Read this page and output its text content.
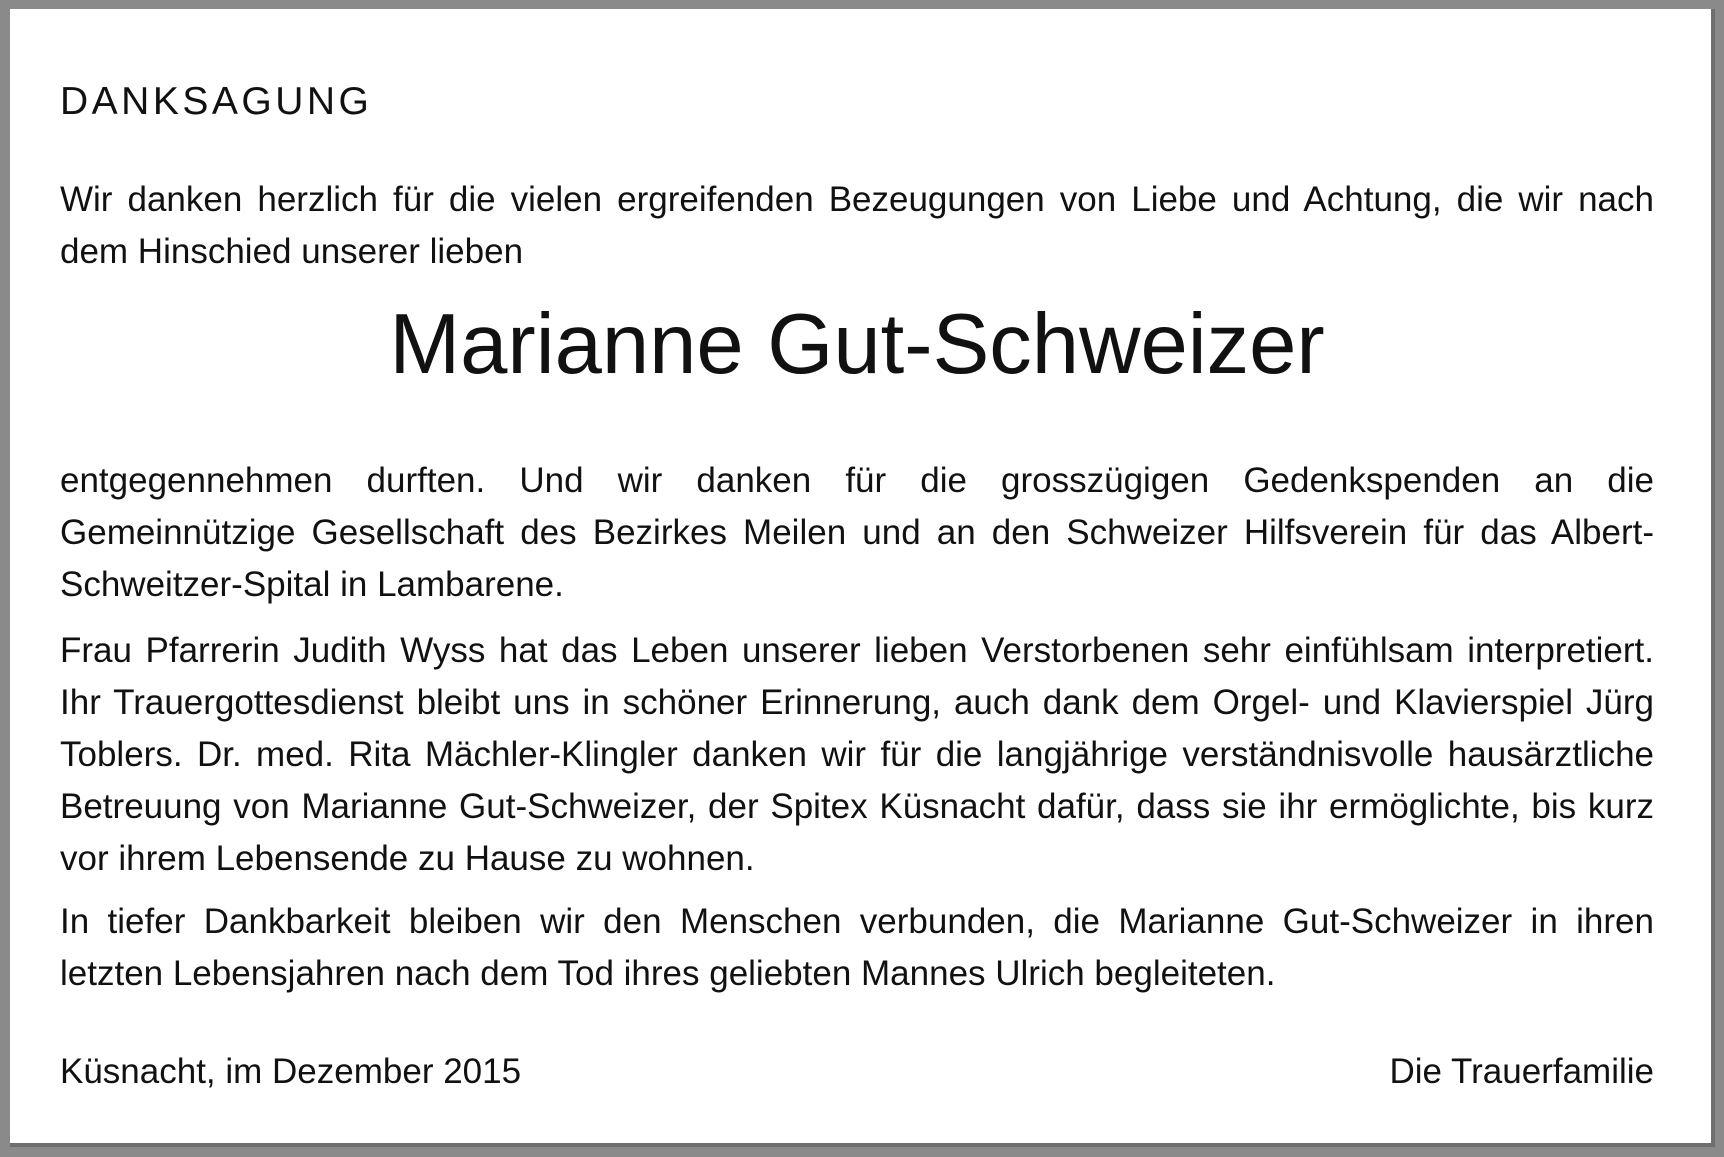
DANKSAGUNG

Wir danken herzlich für die vielen ergreifenden Bezeugungen von Liebe und Achtung, die wir nach dem Hinschied unserer lieben

Marianne Gut-Schweizer

entgegennehmen durften. Und wir danken für die grosszügigen Gedenkspenden an die Gemeinnützige Gesellschaft des Bezirkes Meilen und an den Schweizer Hilfsverein für das Albert-Schweitzer-Spital in Lambarene.

Frau Pfarrerin Judith Wyss hat das Leben unserer lieben Verstorbenen sehr einfühlsam interpretiert. Ihr Trauergottesdienst bleibt uns in schöner Erinnerung, auch dank dem Orgel- und Klavierspiel Jürg Toblers. Dr. med. Rita Mächler-Klingler danken wir für die langjährige verständnisvolle hausärztliche Betreuung von Marianne Gut-Schweizer, der Spitex Küsnacht dafür, dass sie ihr ermöglichte, bis kurz vor ihrem Lebensende zu Hause zu wohnen.

In tiefer Dankbarkeit bleiben wir den Menschen verbunden, die Marianne Gut-Schweizer in ihren letzten Lebensjahren nach dem Tod ihres geliebten Mannes Ulrich begleiteten.

Küsnacht, im Dezember 2015	Die Trauerfamilie
